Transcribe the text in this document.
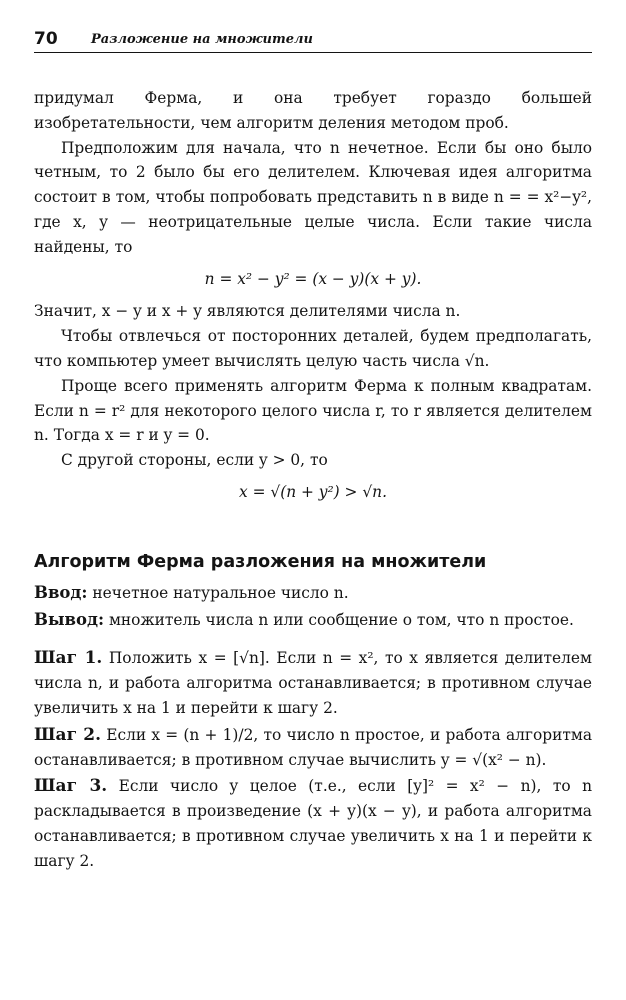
70	Разложение на множители

придумал Ферма, и она требует гораздо большей изобретательности, чем алгоритм деления методом проб.

Предположим для начала, что n нечетное. Если бы оно было четным, то 2 было бы его делителем. Ключевая идея алгоритма состоит в том, чтобы попробовать представить n в виде n = = x²−y², где x, y — неотрицательные целые числа. Если такие числа найдены, то

n = x² − y² = (x − y)(x + y).

Значит, x − y и x + y являются делителями числа n.

Чтобы отвлечься от посторонних деталей, будем предполагать, что компьютер умеет вычислять целую часть числа √n.

Проще всего применять алгоритм Ферма к полным квадратам. Если n = r² для некоторого целого числа r, то r является делителем n. Тогда x = r и y = 0.

С другой стороны, если y > 0, то

x = √(n + y²) > √n.

Алгоритм Ферма разложения на множители

Ввод: нечетное натуральное число n.

Вывод: множитель числа n или сообщение о том, что n простое.

Шаг 1. Положить x = [√n]. Если n = x², то x является делителем числа n, и работа алгоритма останавливается; в противном случае увеличить x на 1 и перейти к шагу 2.

Шаг 2. Если x = (n + 1)/2, то число n простое, и работа алгоритма останавливается; в противном случае вычислить y = √(x² − n).

Шаг 3. Если число y целое (т.е., если [y]² = x² − n), то n раскладывается в произведение (x + y)(x − y), и работа алгоритма останавливается; в противном случае увеличить x на 1 и перейти к шагу 2.
